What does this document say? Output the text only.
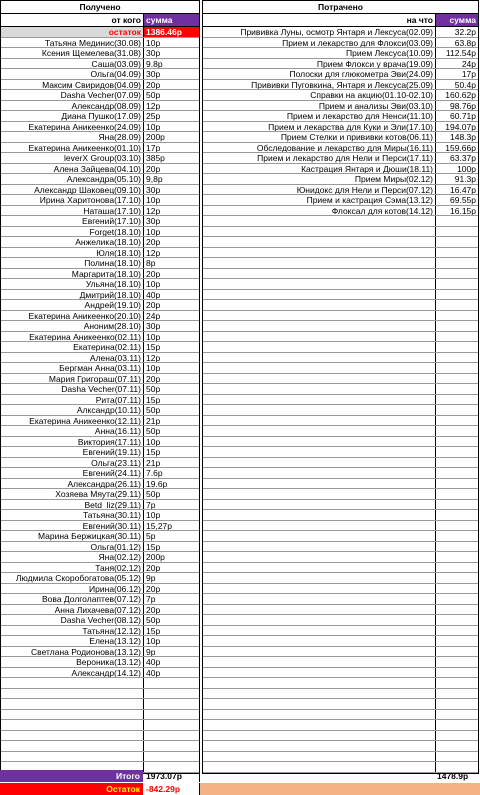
Получено
от кого сумма
остаток 1386.46р
Татьяна Мединис(30.08) 10р
Ксения Щемелева(31.08) 30р
Саша(03.09) 9.8р
Ольга(04.09) 30р
Максим Свиридов(04.09) 20р
Dasha Vecher(07.09) 50р
Александр(08.09) 12р
Диана Пушко(17.09) 25р
Екатерина Аникеенко(24.09) 10р
Яна(28.09) 200р
Екатерина Аникеенко(01.10) 17р
leverX Group(03.10) 385р
Алена Зайцева(04.10) 20р
Александра(05.10) 9,8р
Александр Шаковец(09.10) 30р
Ирина Харитонова(17.10) 10р
Наташа(17.10) 12р
Евгений(17.10) 30р
Forget(18.10) 10р
Анжелика(18.10) 20р
Юля(18.10) 12р
Полина(18.10) 8р
Маргарита(18.10) 20р
Ульяна(18.10) 10р
Дмитрий(18.10) 40р
Андрей(19.10) 20р
Екатерина Аникеенко(20.10) 24р
Аноним(28.10) 30р
Екатерина Аникеенко(02.11) 10р
Екатерина(02.11) 15р
Алена(03.11) 12р
Бергман Анна(03.11) 10р
Мария Григораш(07.11) 20р
Dasha Vecher(07.11) 50р
Рита(07.11) 15р
Алксандр(10.11) 50р
Екатерина Аникеенко(12.11) 21р
Анна(16.11) 50р
Виктория(17.11) 10р
Евгений(19.11) 15р
Ольга(23.11) 21р
Евгений(24.11) 7.6р
Александра(26.11) 19.6р
Хозяева Мяута(29.11) 50р
Betd_liz(29.11) 7р
Татьяна(30.11) 10р
Евгений(30.11) 15,27р
Марина Бержицкая(30.11) 5р
Ольга(01.12) 15р
Яна(02.12) 200р
Таня(02.12) 20р
Людмила Скоробогатова(05.12) 9р
Ирина(06.12) 20р
Вова Долголаптев(07.12) 7р
Анна Лихачева(07.12) 20р
Dasha Vecher(08.12) 50р
Татьяна(12.12) 15р
Елена(13.12) 10р
Светлана Родионова(13.12) 9р
Вероника(13.12) 40р
Александр(14.12) 40р
Потрачено
на что	сумма
Прививка Луны, осмотр Янтаря и Лексуса(02.09)	32.2р
Прием и лекарство для Флокси(03.09)	63.8р
Прием Лексуса(10.09)	112.54р
Прием Флокси у врача(19.09)	24р
Полоски для глюкометра Эви(24.09)	17р
Прививки Пуговкина, Янтаря и Лексуса(25.09)	50.4р
Справки на акцию(01.10-02.10)	160.62р
Прием и анализы Эви(03.10)	98.76р
Прием и лекарство для Ненси(11.10)	60.71р
Прием и лекарства для Куки и Эли(17.10)	194.07р
Прием Стелки и прививки котов(06.11)	148.3р
Обследование и лекарство для Миры(16.11)	159.66р
Прием и лекарство для Нели и Перси(17.11)	63.37р
Кастрация Янтаря и Дюши(18.11)	100р
Прием Миры(02.12)	91.3р
Юнидокс для Нели и Перси(07.12)	16.47р
Прием и кастрация Сэма(13.12)	69.55р
Флоксал для котов(14.12)	16.15р
Итого 1973.07р	1478.9р
Остаток -842.29р
